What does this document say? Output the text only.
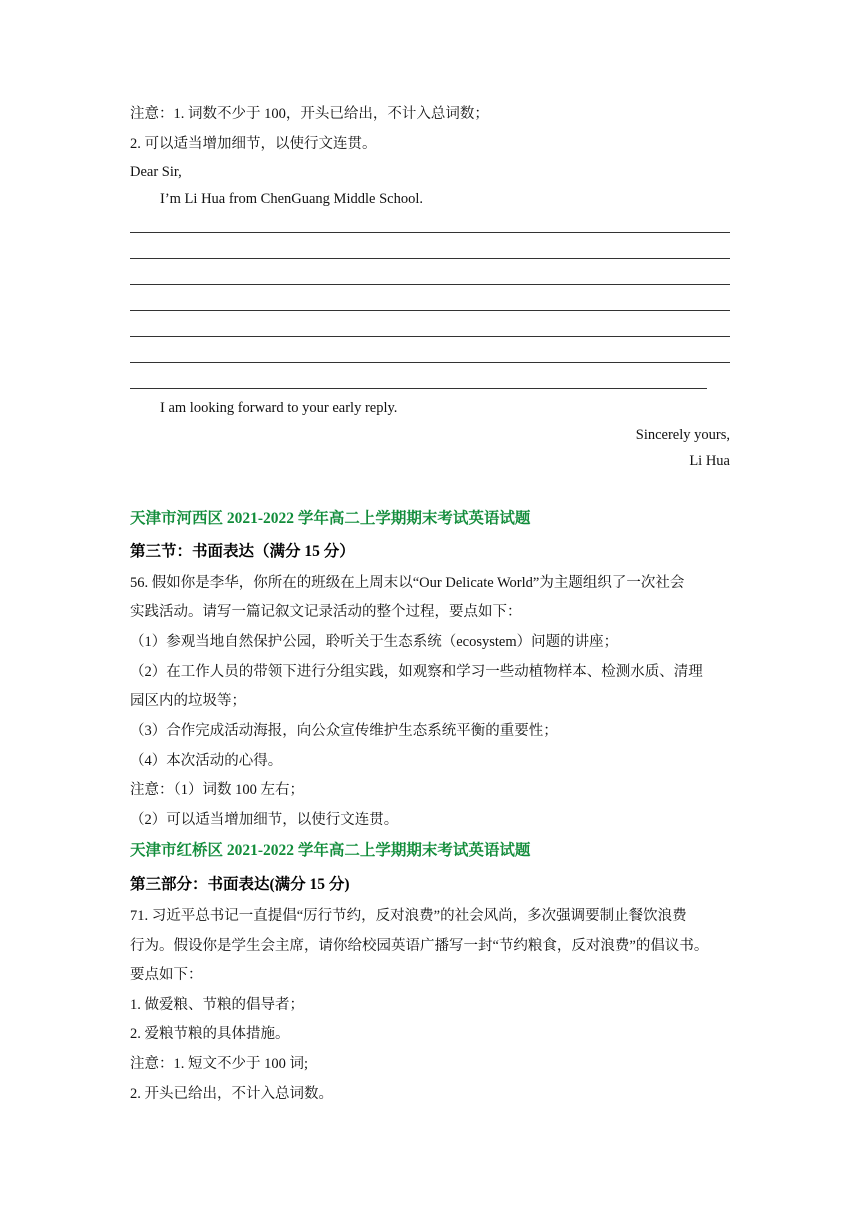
注意：1. 词数不少于 100，开头已给出，不计入总词数；
2. 可以适当增加细节，以使行文连贯。
Dear Sir,
I’m Li Hua from ChenGuang Middle School.
I am looking forward to your early reply.
Sincerely yours,
Li Hua
天津市河西区 2021-2022 学年高二上学期期末考试英语试题
第三节：书面表达（满分 15 分）
56. 假如你是李华，你所在的班级在上周末以“Our Delicate World”为主题组织了一次社会
实践活动。请写一篇记叙文记录活动的整个过程，要点如下：
（1）参观当地自然保护公园，聆听关于生态系统（ecosystem）问题的讲座；
（2）在工作人员的带领下进行分组实践，如观察和学习一些动植物样本、检测水质、清理
园区内的垃圾等；
（3）合作完成活动海报，向公众宣传维护生态系统平衡的重要性；
（4）本次活动的心得。
注意：（1）词数 100 左右；
（2）可以适当增加细节，以使行文连贯。
天津市红桥区 2021-2022 学年高二上学期期末考试英语试题
第三部分：书面表达(满分 15 分)
71. 习近平总书记一直提倡“厉行节约，反对浪费”的社会风尚，多次强调要制止餐饮浪费
行为。假设你是学生会主席，请你给校园英语广播写一封“节约粮食，反对浪费”的倡议书。
要点如下：
1. 做爱粮、节粮的倡导者；
2. 爱粮节粮的具体措施。
注意：1. 短文不少于 100 词;
2. 开头已给出，不计入总词数。
